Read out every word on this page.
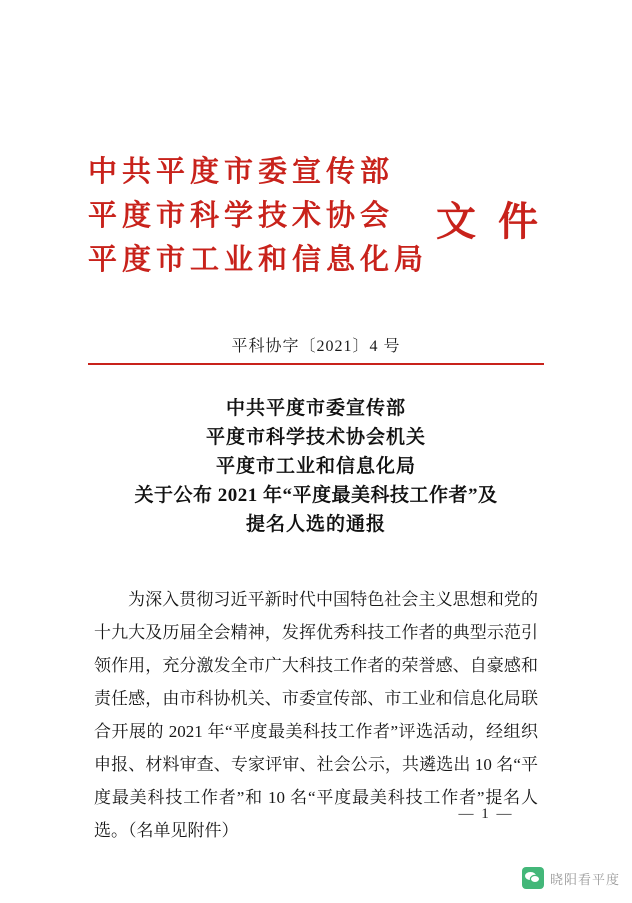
中共平度市委宣传部
平度市科学技术协会
平度市工业和信息化局
文 件
平科协字〔2021〕4 号
中共平度市委宣传部
平度市科学技术协会机关
平度市工业和信息化局
关于公布 2021 年“平度最美科技工作者”及
提名人选的通报
为深入贯彻习近平新时代中国特色社会主义思想和党的十九大及历届全会精神，发挥优秀科技工作者的典型示范引领作用，充分激发全市广大科技工作者的荣誉感、自豪感和责任感，由市科协机关、市委宣传部、市工业和信息化局联合开展的 2021 年“平度最美科技工作者”评选活动，经组织申报、材料审查、专家评审、社会公示，共遴选出 10 名“平度最美科技工作者”和 10 名“平度最美科技工作者”提名人选。（名单见附件）
— 1 —
晓阳看平度
